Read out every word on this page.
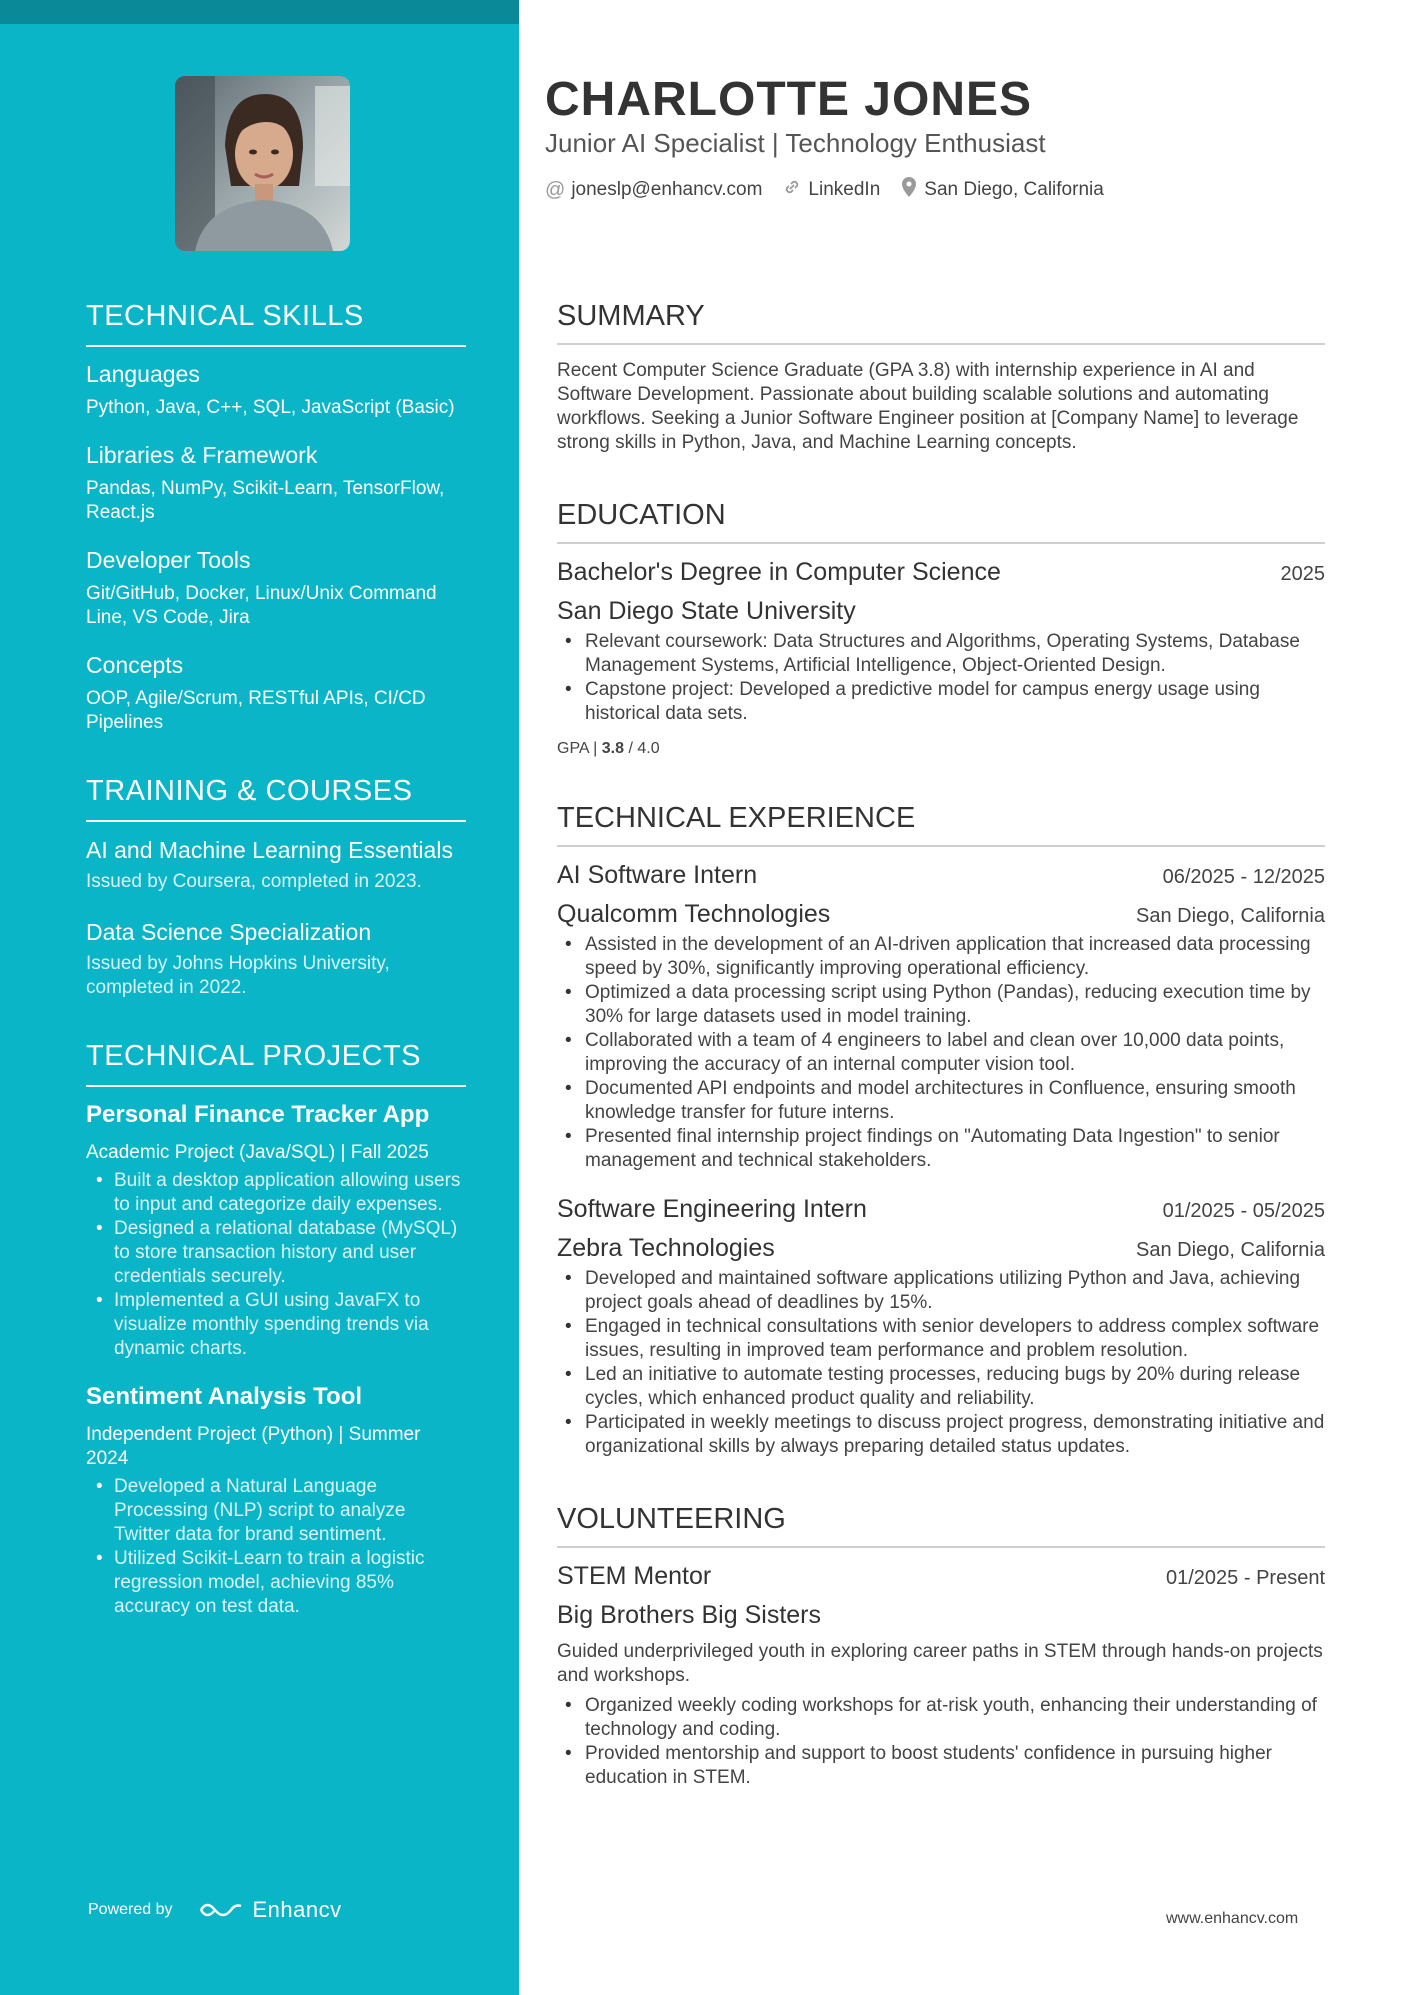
TECHNICAL SKILLS
Languages
Python, Java, C++, SQL, JavaScript (Basic)
Libraries & Framework
Pandas, NumPy, Scikit-Learn, TensorFlow, React.js
Developer Tools
Git/GitHub, Docker, Linux/Unix Command Line, VS Code, Jira
Concepts
OOP, Agile/Scrum, RESTful APIs, CI/CD Pipelines
TRAINING & COURSES
AI and Machine Learning Essentials
Issued by Coursera, completed in 2023.
Data Science Specialization
Issued by Johns Hopkins University, completed in 2022.
TECHNICAL PROJECTS
Personal Finance Tracker App
Academic Project (Java/SQL) | Fall 2025
• Built a desktop application allowing users to input and categorize daily expenses.
• Designed a relational database (MySQL) to store transaction history and user credentials securely.
• Implemented a GUI using JavaFX to visualize monthly spending trends via dynamic charts.
Sentiment Analysis Tool
Independent Project (Python) | Summer 2024
• Developed a Natural Language Processing (NLP) script to analyze Twitter data for brand sentiment.
• Utilized Scikit-Learn to train a logistic regression model, achieving 85% accuracy on test data.
Powered by	Enhancv
CHARLOTTE JONES
Junior AI Specialist | Technology Enthusiast
@ joneslp@enhancv.com LinkedIn San Diego, California
SUMMARY

Recent Computer Science Graduate (GPA 3.8) with internship experience in AI and Software Development. Passionate about building scalable solutions and automating workflows. Seeking a Junior Software Engineer position at [Company Name] to leverage strong skills in Python, Java, and Machine Learning concepts.

EDUCATION
Bachelor's Degree in Computer Science	2025
San Diego State University
• Relevant coursework: Data Structures and Algorithms, Operating Systems, Database Management Systems, Artificial Intelligence, Object-Oriented Design.
• Capstone project: Developed a predictive model for campus energy usage using historical data sets.
GPA | 3.8 / 4.0
TECHNICAL EXPERIENCE
AI Software Intern	06/2025 - 12/2025
Qualcomm Technologies	San Diego, California
• Assisted in the development of an AI-driven application that increased data processing speed by 30%, significantly improving operational efficiency.
• Optimized a data processing script using Python (Pandas), reducing execution time by 30% for large datasets used in model training.
• Collaborated with a team of 4 engineers to label and clean over 10,000 data points, improving the accuracy of an internal computer vision tool.
• Documented API endpoints and model architectures in Confluence, ensuring smooth knowledge transfer for future interns.
• Presented final internship project findings on "Automating Data Ingestion" to senior management and technical stakeholders.
Software Engineering Intern	01/2025 - 05/2025
Zebra Technologies	San Diego, California
• Developed and maintained software applications utilizing Python and Java, achieving project goals ahead of deadlines by 15%.
• Engaged in technical consultations with senior developers to address complex software issues, resulting in improved team performance and problem resolution.
• Led an initiative to automate testing processes, reducing bugs by 20% during release cycles, which enhanced product quality and reliability.
• Participated in weekly meetings to discuss project progress, demonstrating initiative and organizational skills by always preparing detailed status updates.
VOLUNTEERING
STEM Mentor	01/2025 - Present
Big Brothers Big Sisters

Guided underprivileged youth in exploring career paths in STEM through hands-on projects and workshops.

• Organized weekly coding workshops for at-risk youth, enhancing their understanding of technology and coding.
• Provided mentorship and support to boost students' confidence in pursuing higher education in STEM.
www.enhancv.com
